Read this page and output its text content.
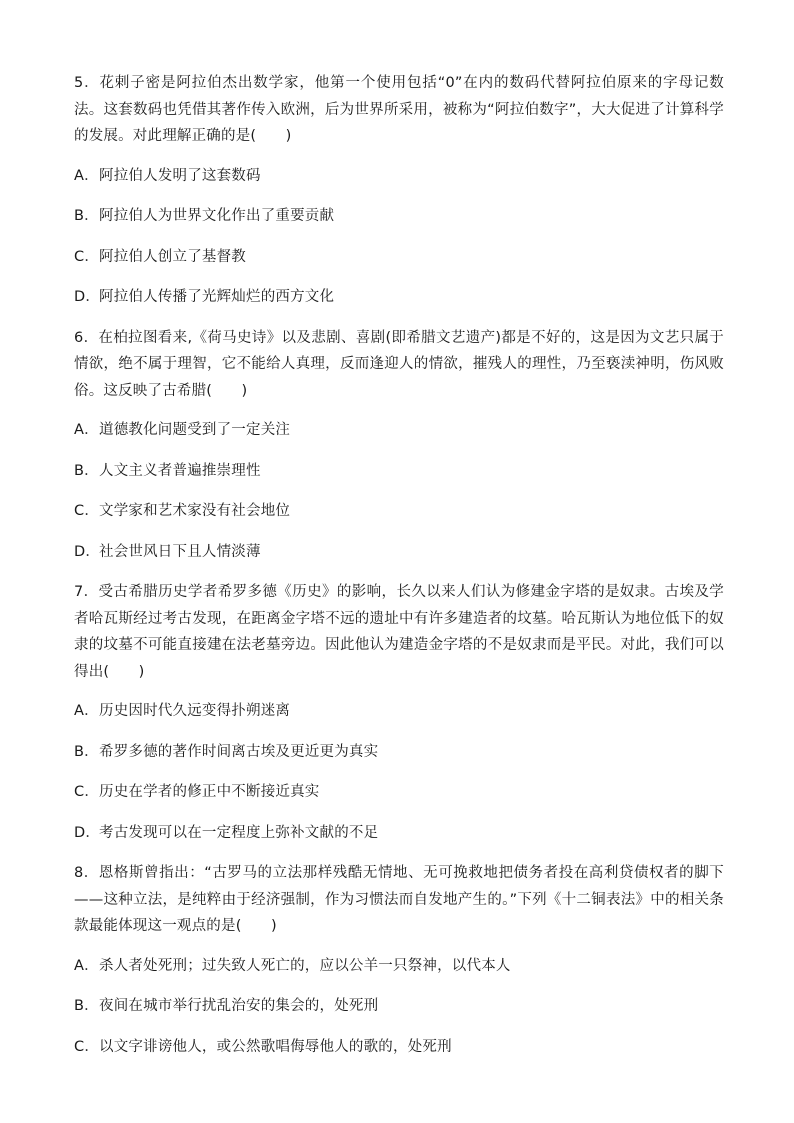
5．花剌子密是阿拉伯杰出数学家，他第一个使用包括“0”在内的数码代替阿拉伯原来的字母记数法。这套数码也凭借其著作传入欧洲，后为世界所采用，被称为“阿拉伯数字”，大大促进了计算科学的发展。对此理解正确的是(　　)

A．阿拉伯人发明了这套数码

B．阿拉伯人为世界文化作出了重要贡献

C．阿拉伯人创立了基督教

D．阿拉伯人传播了光辉灿烂的西方文化

6．在柏拉图看来,《荷马史诗》以及悲剧、喜剧(即希腊文艺遗产)都是不好的，这是因为文艺只属于情欲，绝不属于理智，它不能给人真理，反而逢迎人的情欲，摧残人的理性，乃至亵渎神明，伤风败俗。这反映了古希腊(　　)

A．道德教化问题受到了一定关注

B．人文主义者普遍推崇理性

C．文学家和艺术家没有社会地位

D．社会世风日下且人情淡薄

7．受古希腊历史学者希罗多德《历史》的影响，长久以来人们认为修建金字塔的是奴隶。古埃及学者哈瓦斯经过考古发现，在距离金字塔不远的遗址中有许多建造者的坟墓。哈瓦斯认为地位低下的奴隶的坟墓不可能直接建在法老墓旁边。因此他认为建造金字塔的不是奴隶而是平民。对此，我们可以得出(　　)

A．历史因时代久远变得扑朔迷离

B．希罗多德的著作时间离古埃及更近更为真实

C．历史在学者的修正中不断接近真实

D．考古发现可以在一定程度上弥补文献的不足

8．恩格斯曾指出：“古罗马的立法那样残酷无情地、无可挽救地把债务者投在高利贷债权者的脚下——这种立法，是纯粹由于经济强制，作为习惯法而自发地产生的。”下列《十二铜表法》中的相关条款最能体现这一观点的是(　　)

A．杀人者处死刑；过失致人死亡的，应以公羊一只祭神，以代本人

B．夜间在城市举行扰乱治安的集会的，处死刑

C．以文字诽谤他人，或公然歌唱侮辱他人的歌的，处死刑
